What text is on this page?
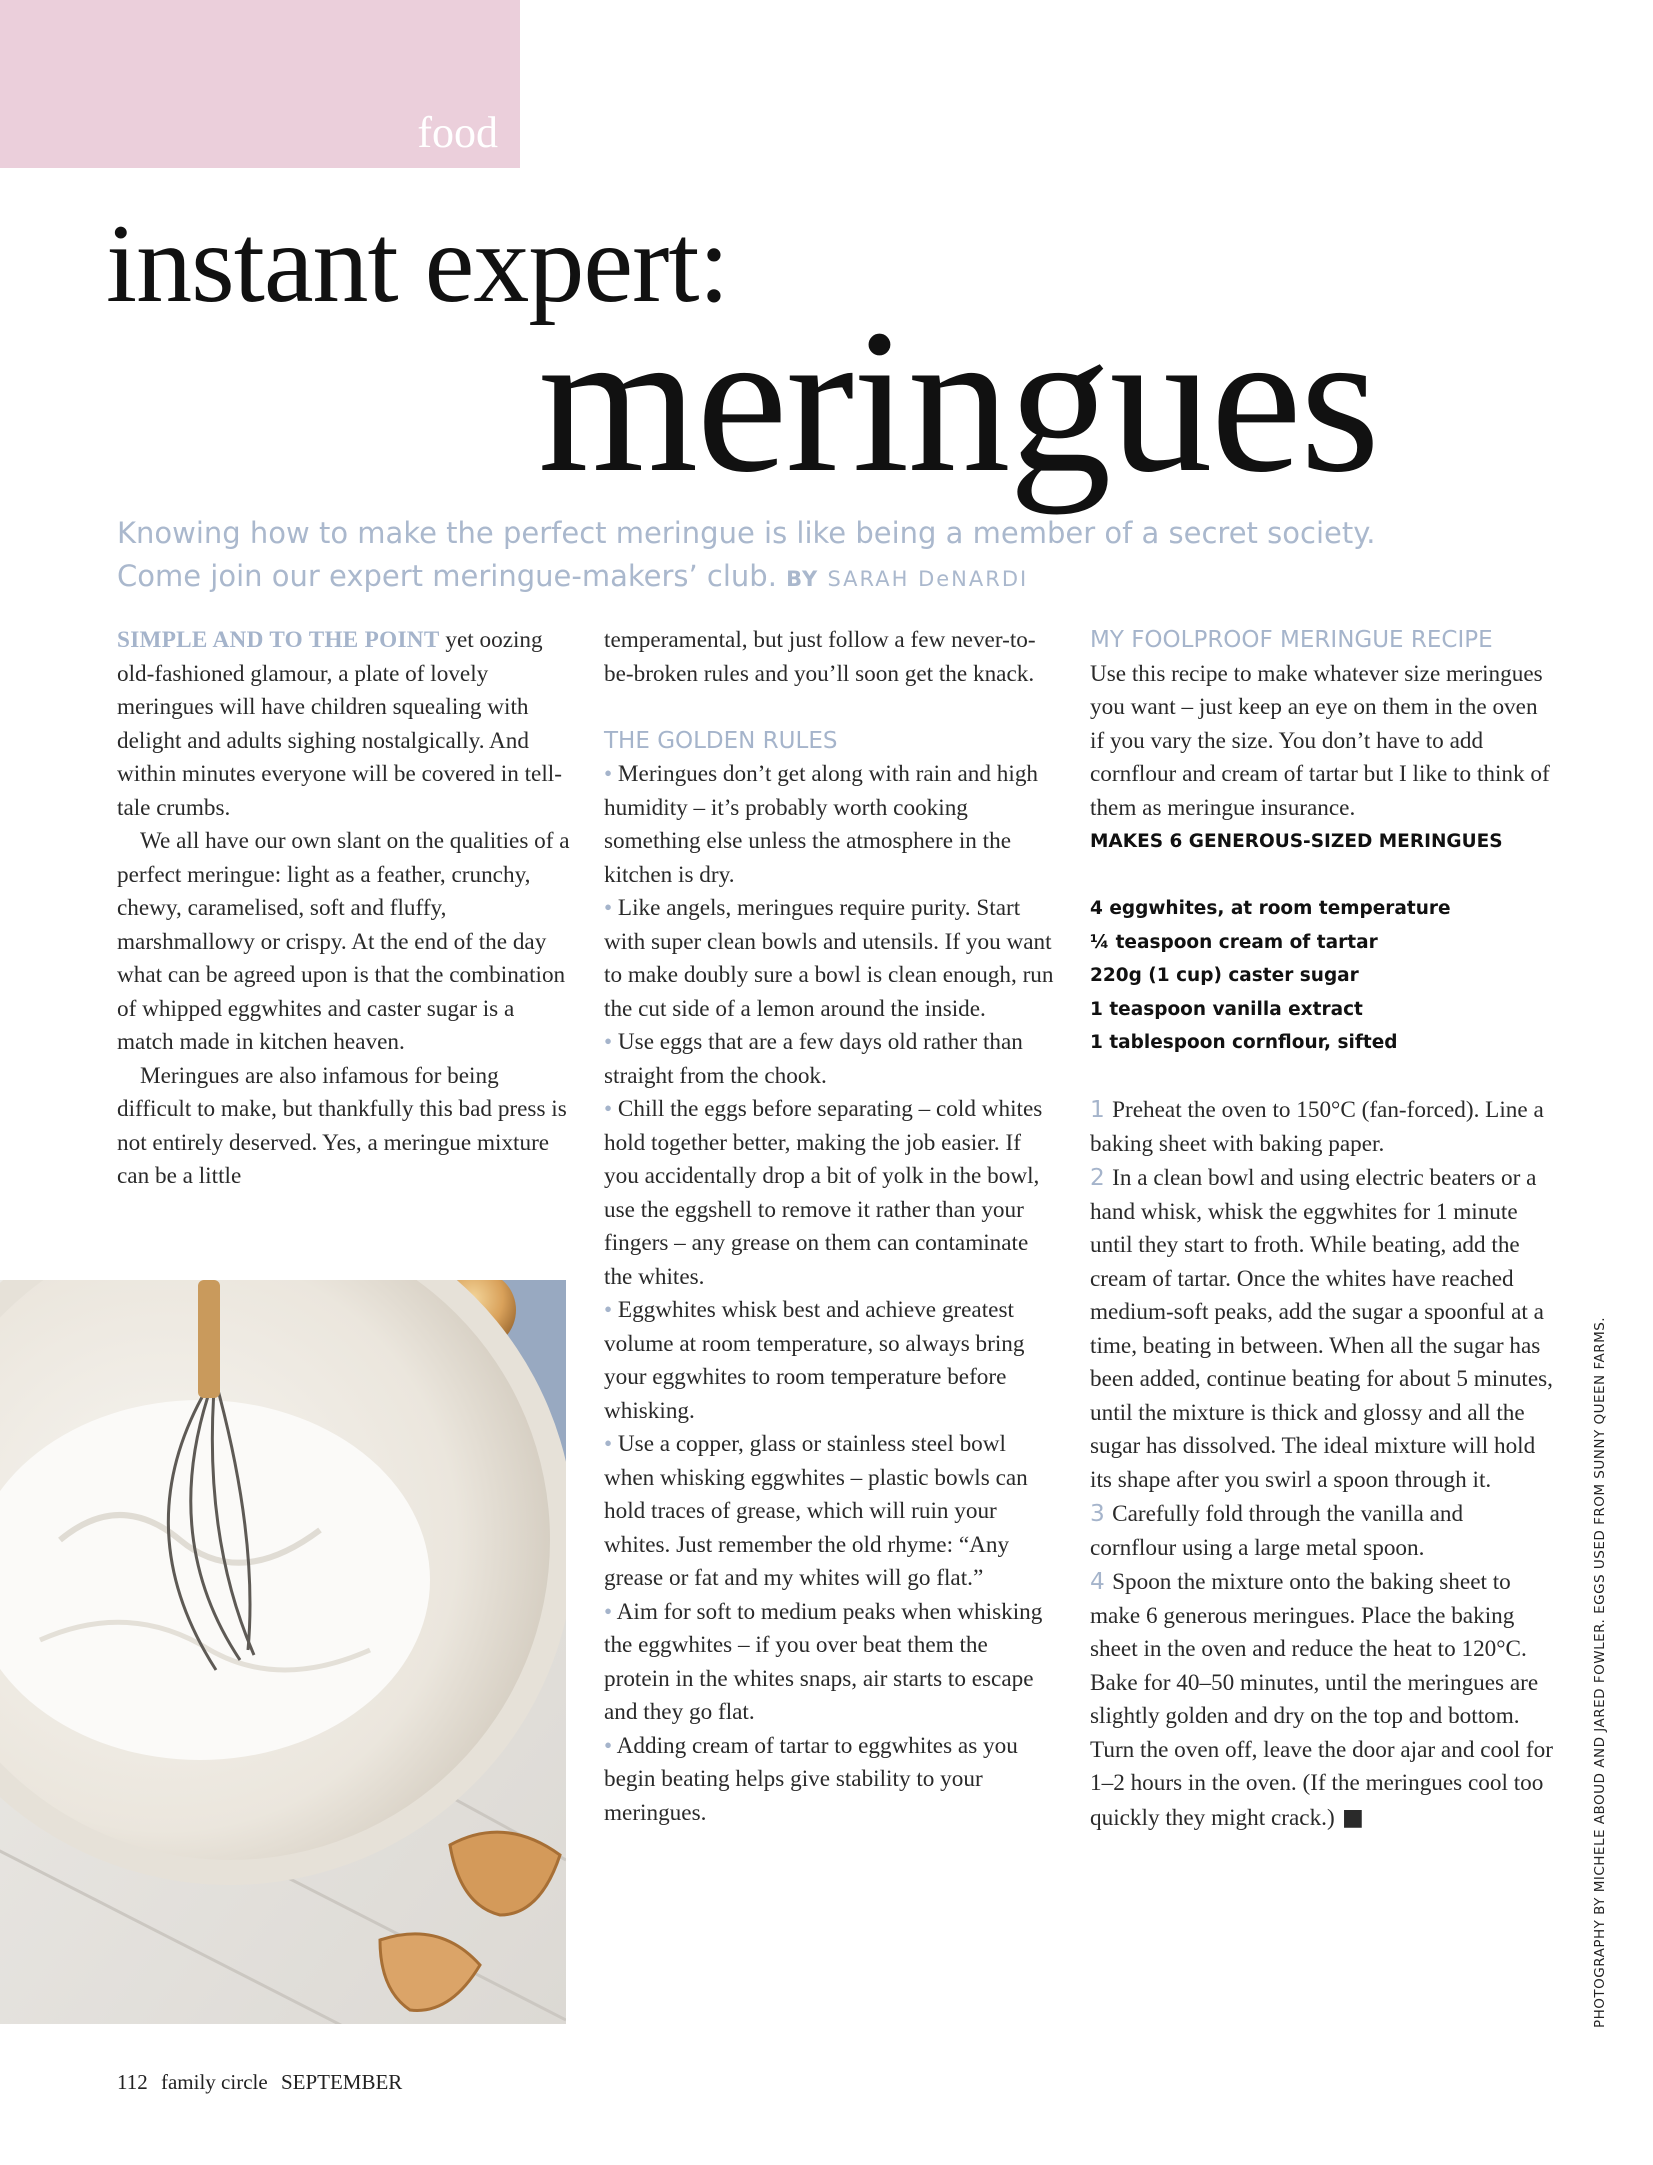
food
instant expert:
meringues

Knowing how to make the perfect meringue is like being a member of a secret society.
Come join our expert meringue-makers’ club. BY SARAH DeNARDI

SIMPLE AND TO THE POINT yet oozing old-fashioned glamour, a plate of lovely meringues will have children squealing with delight and adults sighing nostalgically. And within minutes everyone will be covered in tell-tale crumbs.

We all have our own slant on the qualities of a perfect meringue: light as a feather, crunchy, chewy, caramelised, soft and fluffy, marshmallowy or crispy. At the end of the day what can be agreed upon is that the combination of whipped eggwhites and caster sugar is a match made in kitchen heaven.

Meringues are also infamous for being difficult to make, but thankfully this bad press is not entirely deserved. Yes, a meringue mixture can be a little

temperamental, but just follow a few never-to-be-broken rules and you’ll soon get the knack.

THE GOLDEN RULES

• Meringues don’t get along with rain and high humidity – it’s probably worth cooking something else unless the atmosphere in the kitchen is dry.

• Like angels, meringues require purity. Start with super clean bowls and utensils. If you want to make doubly sure a bowl is clean enough, run the cut side of a lemon around the inside.

• Use eggs that are a few days old rather than straight from the chook.

• Chill the eggs before separating – cold whites hold together better, making the job easier. If you accidentally drop a bit of yolk in the bowl, use the eggshell to remove it rather than your fingers – any grease on them can contaminate the whites.

• Eggwhites whisk best and achieve greatest volume at room temperature, so always bring your eggwhites to room temperature before whisking.

• Use a copper, glass or stainless steel bowl when whisking eggwhites – plastic bowls can hold traces of grease, which will ruin your whites. Just remember the old rhyme: “Any grease or fat and my whites will go flat.”

• Aim for soft to medium peaks when whisking the eggwhites – if you over beat them the protein in the whites snaps, air starts to escape and they go flat.

• Adding cream of tartar to eggwhites as you begin beating helps give stability to your meringues.

MY FOOLPROOF MERINGUE RECIPE

Use this recipe to make whatever size meringues you want – just keep an eye on them in the oven if you vary the size. You don’t have to add cornflour and cream of tartar but I like to think of them as meringue insurance.

MAKES 6 GENEROUS-SIZED MERINGUES

4 eggwhites, at room temperature

¼ teaspoon cream of tartar

220g (1 cup) caster sugar

1 teaspoon vanilla extract

1 tablespoon cornflour, sifted

1 Preheat the oven to 150°C (fan-forced). Line a baking sheet with baking paper.

2 In a clean bowl and using electric beaters or a hand whisk, whisk the eggwhites for 1 minute until they start to froth. While beating, add the cream of tartar. Once the whites have reached medium-soft peaks, add the sugar a spoonful at a time, beating in between. When all the sugar has been added, continue beating for about 5 minutes, until the mixture is thick and glossy and all the sugar has dissolved. The ideal mixture will hold its shape after you swirl a spoon through it.

3 Carefully fold through the vanilla and cornflour using a large metal spoon.

4 Spoon the mixture onto the baking sheet to make 6 generous meringues. Place the baking sheet in the oven and reduce the heat to 120°C. Bake for 40–50 minutes, until the meringues are slightly golden and dry on the top and bottom. Turn the oven off, leave the door ajar and cool for 1–2 hours in the oven. (If the meringues cool too quickly they might crack.) ■	PHOTOGRAPHY BY MICHELE ABOUD AND JARED FOWLER. EGGS USED FROM SUNNY QUEEN FARMS.
112 family circle SEPTEMBER
